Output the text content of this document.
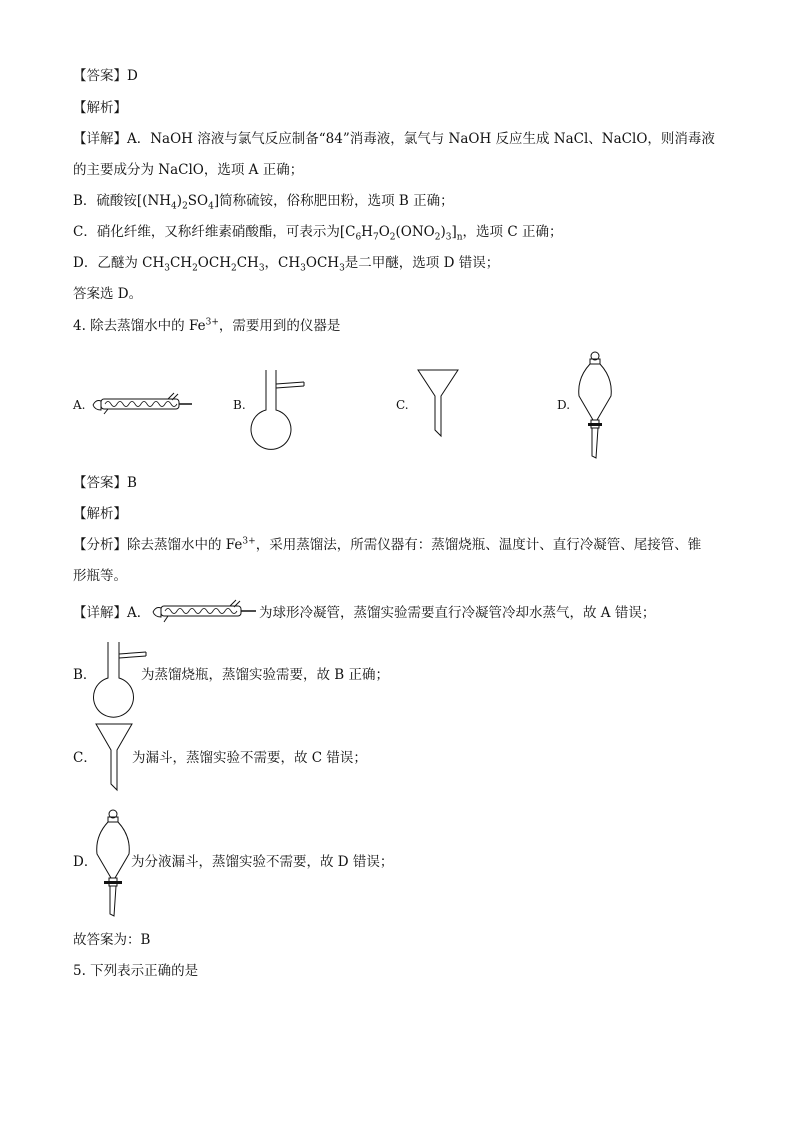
【答案】D
【解析】
【详解】A．NaOH 溶液与氯气反应制备“84”消毒液，氯气与 NaOH 反应生成 NaCl、NaClO，则消毒液
的主要成分为 NaClO，选项 A 正确；
B．硫酸铵$[(NH_4)_2SO_4]$简称硫铵，俗称肥田粉，选项 B 正确；
C．硝化纤维，又称纤维素硝酸酯，可表示为$[C_6H_7O_2(ONO_2)_3]_n$，选项 C 正确；
D．乙醚为 $CH_3CH_2OCH_2CH_3$，$CH_3OCH_3$是二甲醚，选项 D 错误；
答案选 D。
4. 除去蒸馏水中的 $Fe^{3+}$，需要用到的仪器是
A.	B.	C.	D.
【答案】B
【解析】
【分析】除去蒸馏水中的 $Fe^{3+}$，采用蒸馏法，所需仪器有：蒸馏烧瓶、温度计、直行冷凝管、尾接管、锥
形瓶等。
【详解】A．	为球形冷凝管，蒸馏实验需要直行冷凝管冷却水蒸气，故 A 错误；
B．	为蒸馏烧瓶，蒸馏实验需要，故 B 正确；
C．	为漏斗，蒸馏实验不需要，故 C 错误；
D． 为分液漏斗，蒸馏实验不需要，故 D 错误；
故答案为：B
5. 下列表示正确的是
